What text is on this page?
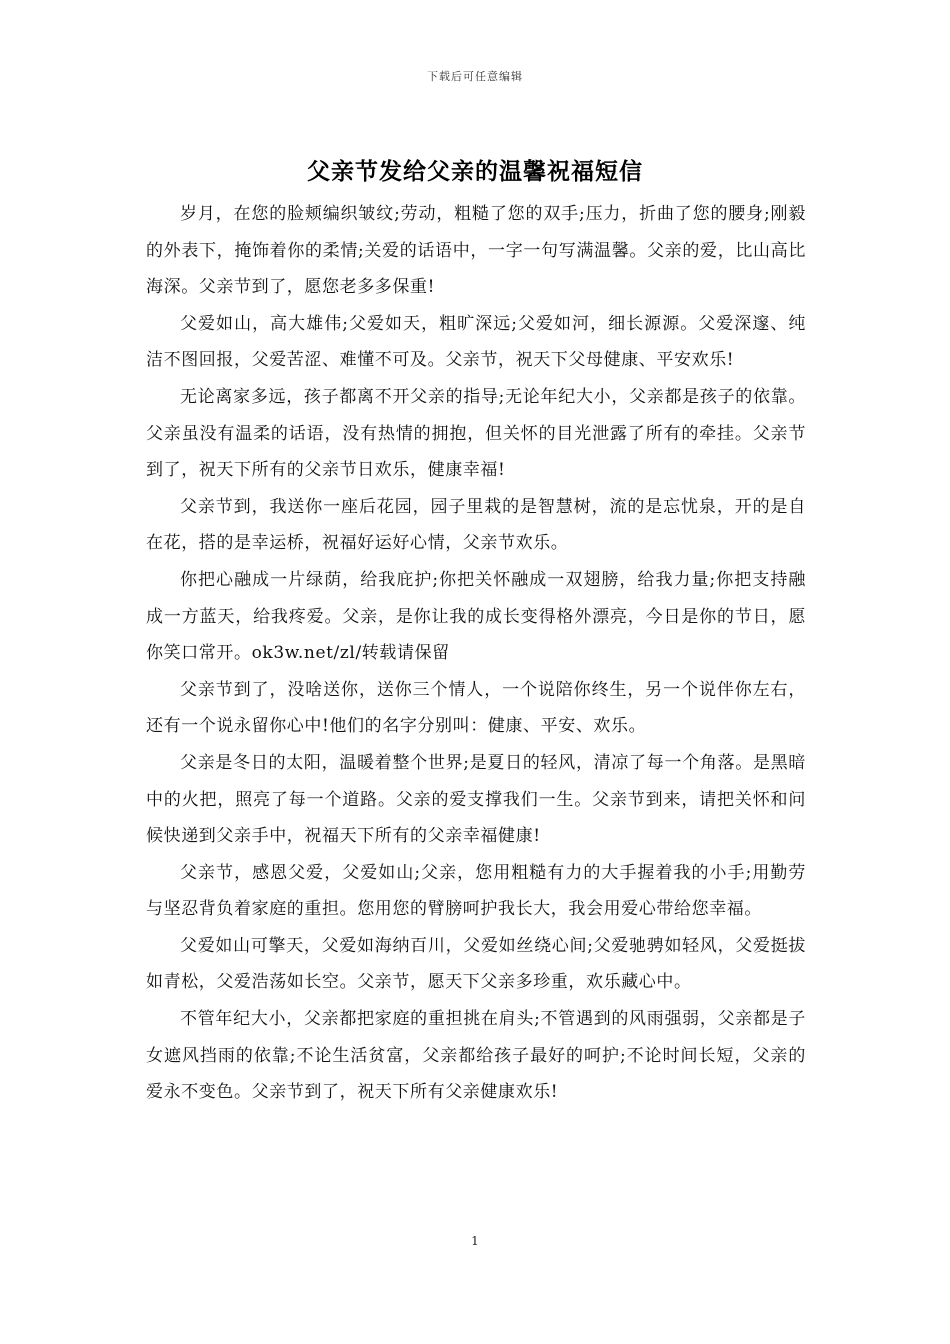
下载后可任意编辑
父亲节发给父亲的温馨祝福短信

岁月，在您的脸颊编织皱纹;劳动，粗糙了您的双手;压力，折曲了您的腰身;刚毅的外表下，掩饰着你的柔情;关爱的话语中，一字一句写满温馨。父亲的爱，比山高比海深。父亲节到了，愿您老多多保重!

父爱如山，高大雄伟;父爱如天，粗旷深远;父爱如河，细长源源。父爱深邃、纯洁不图回报，父爱苦涩、难懂不可及。父亲节，祝天下父母健康、平安欢乐!

无论离家多远，孩子都离不开父亲的指导;无论年纪大小，父亲都是孩子的依靠。父亲虽没有温柔的话语，没有热情的拥抱，但关怀的目光泄露了所有的牵挂。父亲节到了，祝天下所有的父亲节日欢乐，健康幸福!

父亲节到，我送你一座后花园，园子里栽的是智慧树，流的是忘忧泉，开的是自在花，搭的是幸运桥，祝福好运好心情，父亲节欢乐。

你把心融成一片绿荫，给我庇护;你把关怀融成一双翅膀，给我力量;你把支持融成一方蓝天，给我疼爱。父亲，是你让我的成长变得格外漂亮，今日是你的节日，愿你笑口常开。ok3w.net/zl/转载请保留

父亲节到了，没啥送你，送你三个情人，一个说陪你终生，另一个说伴你左右，还有一个说永留你心中!他们的名字分别叫：健康、平安、欢乐。

父亲是冬日的太阳，温暖着整个世界;是夏日的轻风，清凉了每一个角落。是黑暗中的火把，照亮了每一个道路。父亲的爱支撑我们一生。父亲节到来，请把关怀和问候快递到父亲手中，祝福天下所有的父亲幸福健康!

父亲节，感恩父爱，父爱如山;父亲，您用粗糙有力的大手握着我的小手;用勤劳与坚忍背负着家庭的重担。您用您的臂膀呵护我长大，我会用爱心带给您幸福。

父爱如山可擎天，父爱如海纳百川，父爱如丝绕心间;父爱驰骋如轻风，父爱挺拔如青松，父爱浩荡如长空。父亲节，愿天下父亲多珍重，欢乐藏心中。

不管年纪大小，父亲都把家庭的重担挑在肩头;不管遇到的风雨强弱，父亲都是子女遮风挡雨的依靠;不论生活贫富，父亲都给孩子最好的呵护;不论时间长短，父亲的爱永不变色。父亲节到了，祝天下所有父亲健康欢乐!

1
